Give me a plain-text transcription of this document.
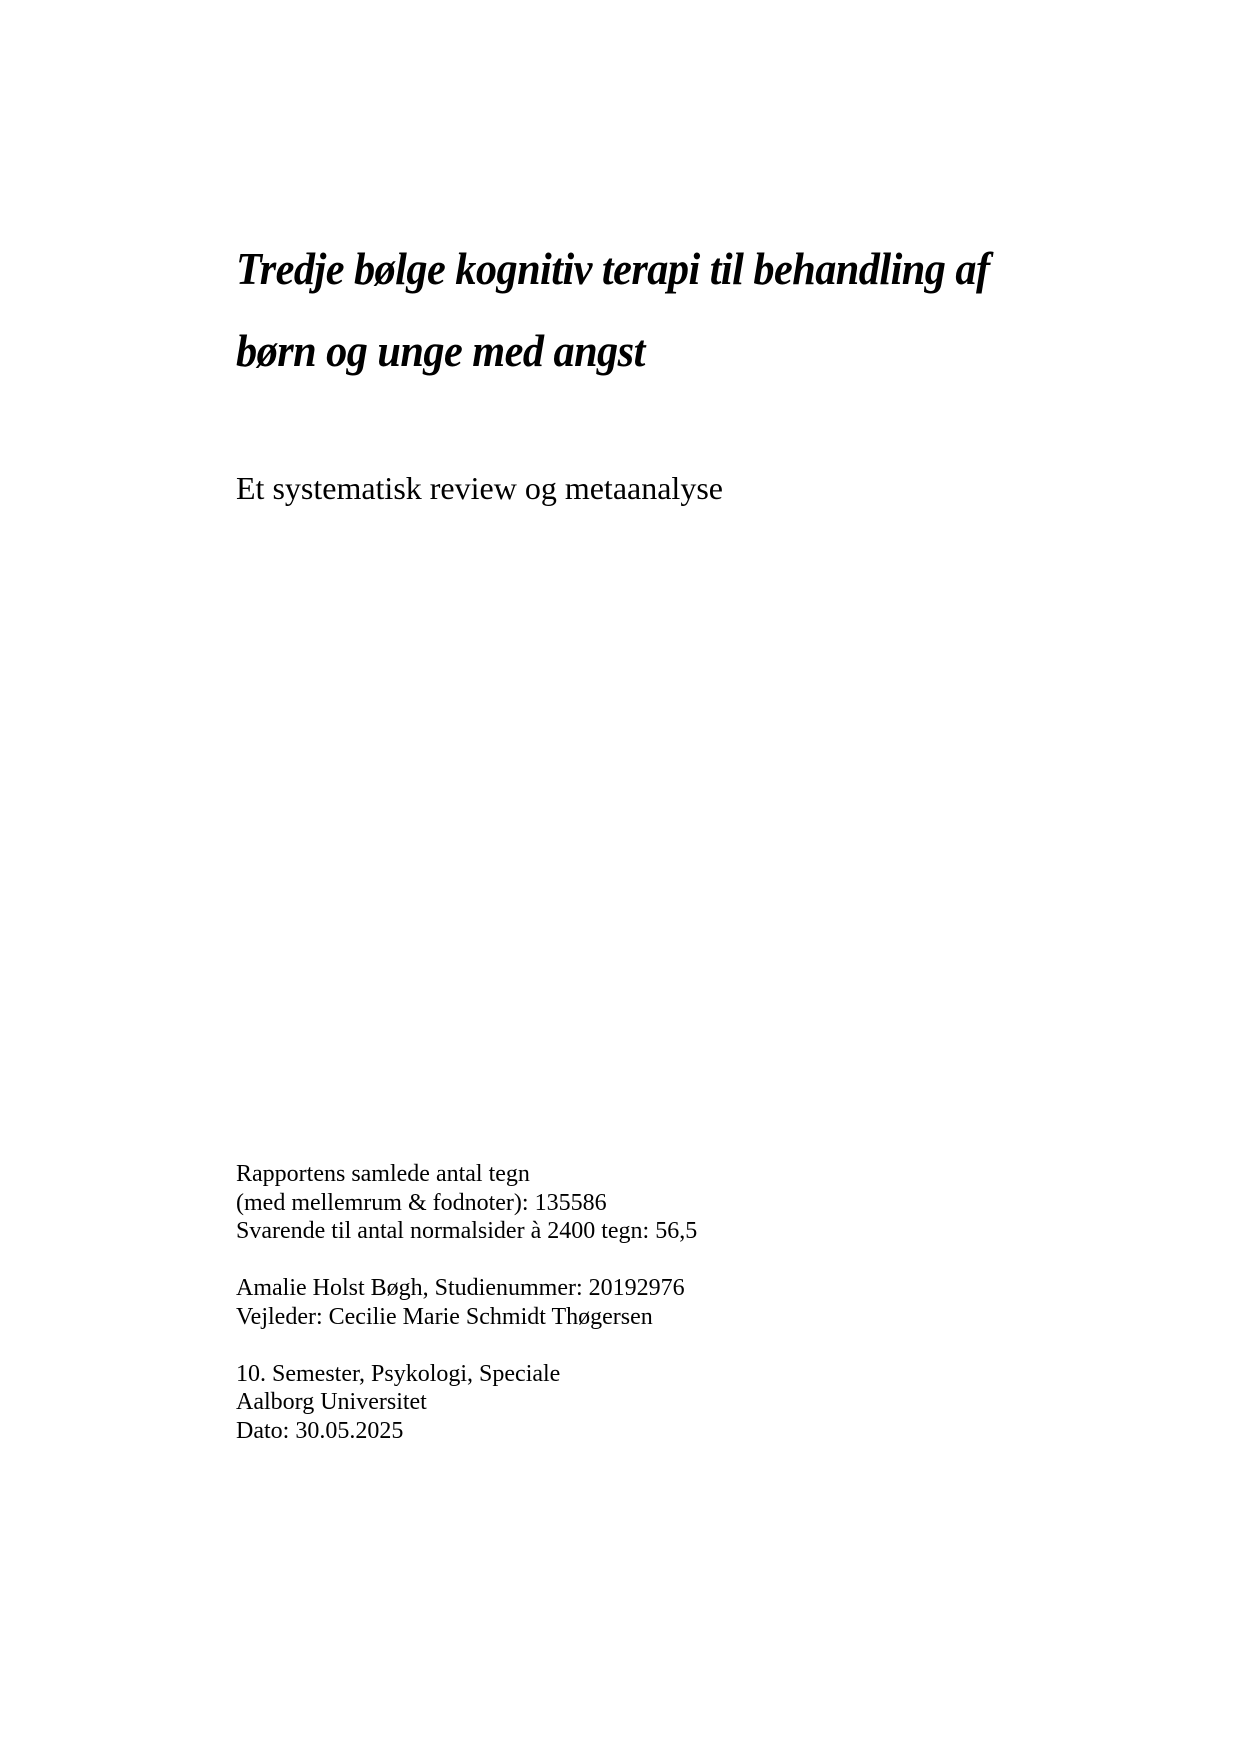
Tredje bølge kognitiv terapi til behandling af

børn og unge med angst

Et systematisk review og metaanalyse

Rapportens samlede antal tegn

(med mellemrum & fodnoter): 135586

Svarende til antal normalsider à 2400 tegn: 56,5

Amalie Holst Bøgh, Studienummer: 20192976

Vejleder: Cecilie Marie Schmidt Thøgersen

10. Semester, Psykologi, Speciale

Aalborg Universitet

Dato: 30.05.2025
